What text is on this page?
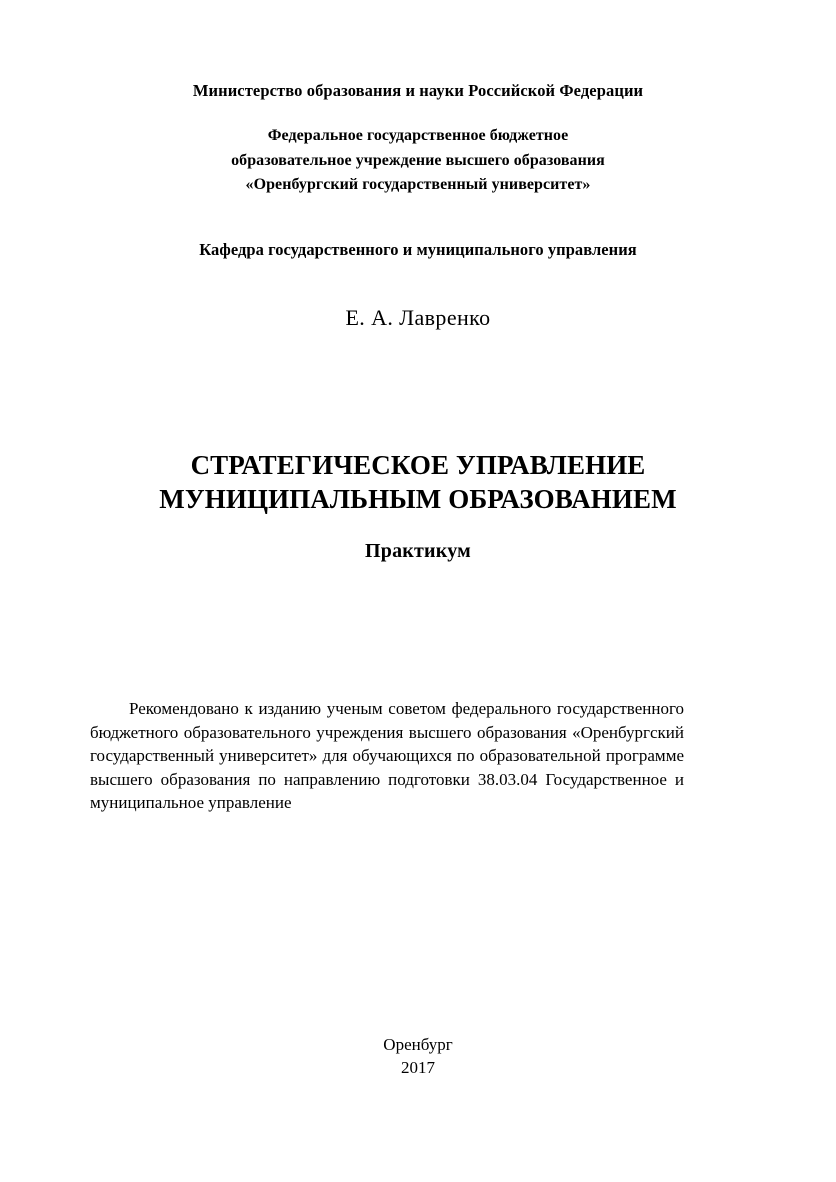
Министерство образования и науки Российской Федерации
Федеральное государственное бюджетное
образовательное учреждение высшего образования
«Оренбургский государственный университет»
Кафедра государственного и муниципального управления
Е. А. Лавренко
СТРАТЕГИЧЕСКОЕ УПРАВЛЕНИЕ
МУНИЦИПАЛЬНЫМ ОБРАЗОВАНИЕМ
Практикум
Рекомендовано к изданию ученым советом федерального государственного бюджетного образовательного учреждения высшего образования «Оренбургский государственный университет» для обучающихся по образовательной программе высшего образования по направлению подготовки 38.03.04 Государственное и муниципальное управление
Оренбург
2017
